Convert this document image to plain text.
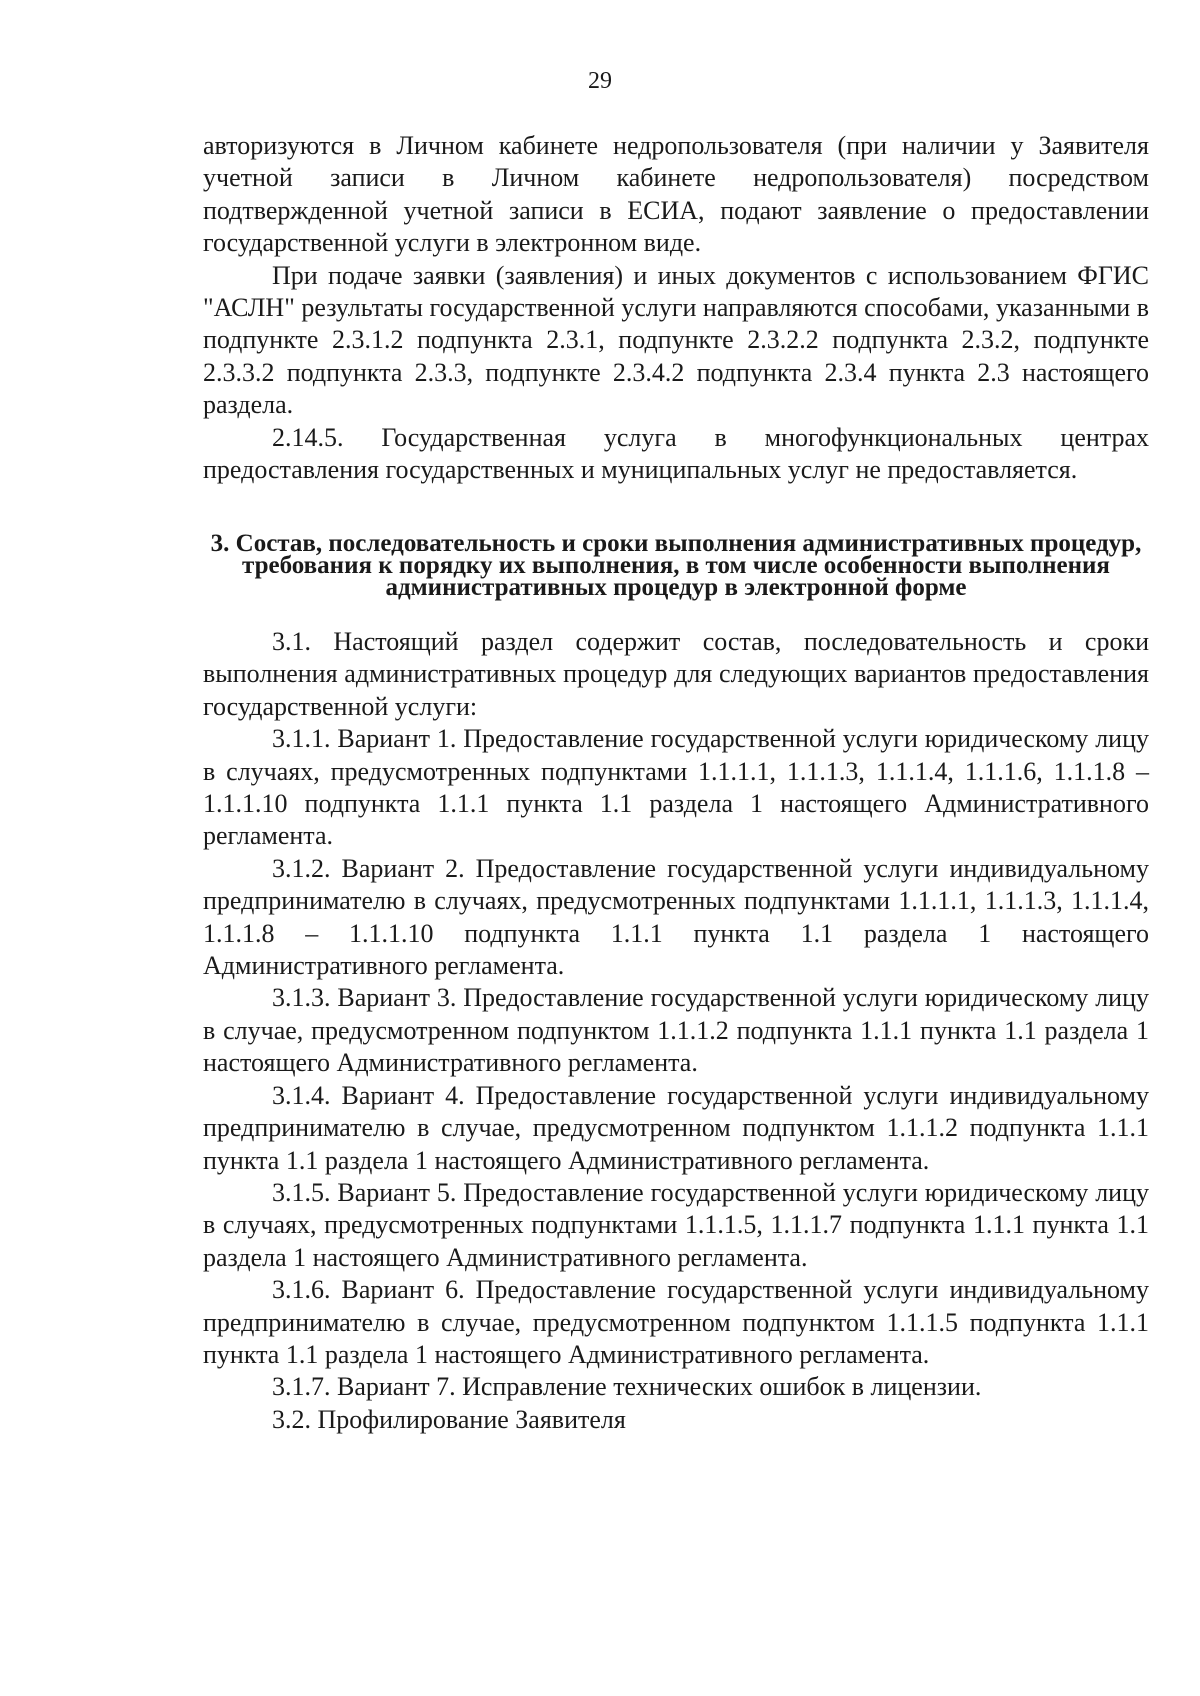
29

авторизуются в Личном кабинете недропользователя (при наличии у Заявителя учетной записи в Личном кабинете недропользователя) посредством подтвержденной учетной записи в ЕСИА, подают заявление о предоставлении государственной услуги в электронном виде.

При подаче заявки (заявления) и иных документов с использованием ФГИС "АСЛН" результаты государственной услуги направляются способами, указанными в подпункте 2.3.1.2 подпункта 2.3.1, подпункте 2.3.2.2 подпункта 2.3.2, подпункте 2.3.3.2 подпункта 2.3.3, подпункте 2.3.4.2 подпункта 2.3.4 пункта 2.3 настоящего раздела.

2.14.5. Государственная услуга в многофункциональных центрах предоставления государственных и муниципальных услуг не предоставляется.

3. Состав, последовательность и сроки выполнения административных процедур, требования к порядку их выполнения, в том числе особенности выполнения административных процедур в электронной форме

3.1. Настоящий раздел содержит состав, последовательность и сроки выполнения административных процедур для следующих вариантов предоставления государственной услуги:

3.1.1. Вариант 1. Предоставление государственной услуги юридическому лицу в случаях, предусмотренных подпунктами 1.1.1.1, 1.1.1.3, 1.1.1.4, 1.1.1.6, 1.1.1.8 – 1.1.1.10 подпункта 1.1.1 пункта 1.1 раздела 1 настоящего Административного регламента.

3.1.2. Вариант 2. Предоставление государственной услуги индивидуальному предпринимателю в случаях, предусмотренных подпунктами 1.1.1.1, 1.1.1.3, 1.1.1.4, 1.1.1.8 – 1.1.1.10 подпункта 1.1.1 пункта 1.1 раздела 1 настоящего Административного регламента.

3.1.3. Вариант 3. Предоставление государственной услуги юридическому лицу в случае, предусмотренном подпунктом 1.1.1.2 подпункта 1.1.1 пункта 1.1 раздела 1 настоящего Административного регламента.

3.1.4. Вариант 4. Предоставление государственной услуги индивидуальному предпринимателю в случае, предусмотренном подпунктом 1.1.1.2 подпункта 1.1.1 пункта 1.1 раздела 1 настоящего Административного регламента.

3.1.5. Вариант 5. Предоставление государственной услуги юридическому лицу в случаях, предусмотренных подпунктами 1.1.1.5, 1.1.1.7 подпункта 1.1.1 пункта 1.1 раздела 1 настоящего Административного регламента.

3.1.6. Вариант 6. Предоставление государственной услуги индивидуальному предпринимателю в случае, предусмотренном подпунктом 1.1.1.5 подпункта 1.1.1 пункта 1.1 раздела 1 настоящего Административного регламента.

3.1.7. Вариант 7. Исправление технических ошибок в лицензии.

3.2. Профилирование Заявителя
